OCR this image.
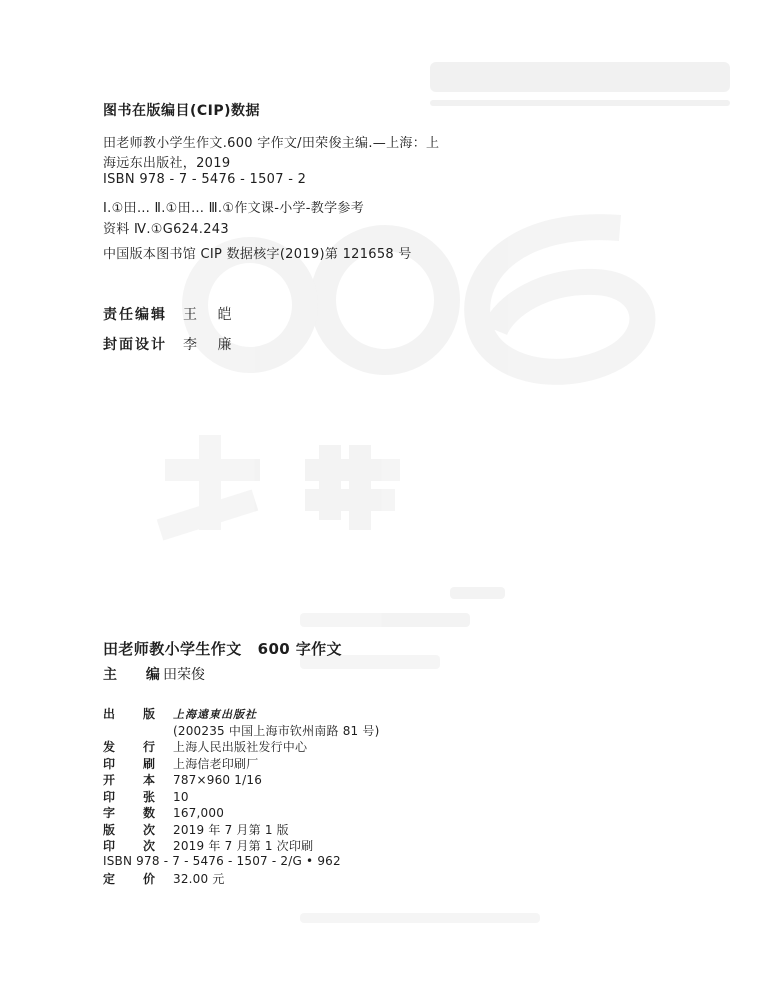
图书在版编目(CIP)数据
田老师教小学生作文.600 字作文/田荣俊主编.—上海：上
海远东出版社，2019
ISBN 978 - 7 - 5476 - 1507 - 2
Ⅰ.①田… Ⅱ.①田… Ⅲ.①作文课-小学-教学参考
资料 Ⅳ.①G624.243
中国版本图书馆 CIP 数据核字(2019)第 121658 号
责任编辑 王 皑
封面设计 李 廉
田老师教小学生作文 600 字作文
主 编田荣俊
出 版 上海遠東出版社
(200235 中国上海市钦州南路 81 号)
发 行 上海人民出版社发行中心
印 刷 上海信老印刷厂
开 本 787×960 1/16
印 张 10
字 数 167,000
版 次 2019 年 7 月第 1 版
印 次 2019 年 7 月第 1 次印刷
ISBN 978 - 7 - 5476 - 1507 - 2/G • 962
定 价 32.00 元
